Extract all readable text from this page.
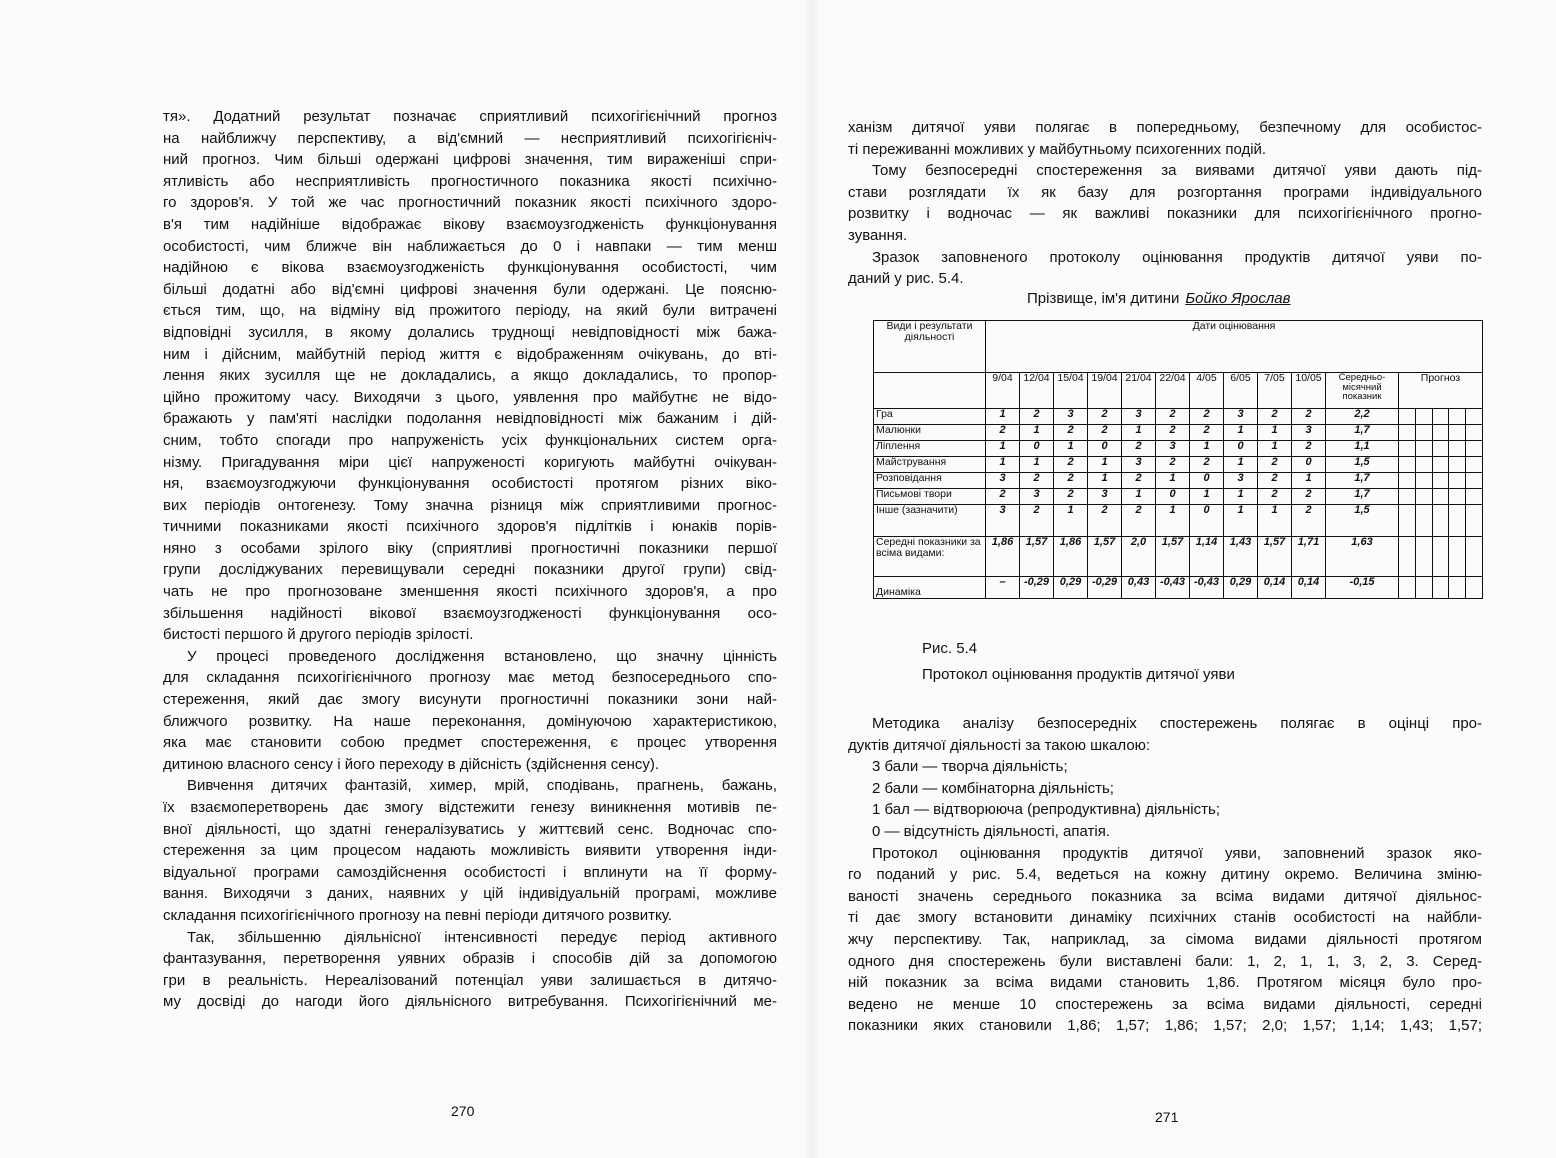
тя». Додатний результат позначає сприятливий психогігієнічний прогноз
на найближчу перспективу, а від'ємний — несприятливий психогігієніч-
ний прогноз. Чим більші одержані цифрові значення, тим вираженіші спри-
ятливість або несприятливість прогностичного показника якості психічно-
го здоров'я. У той же час прогностичний показник якості психічного здоро-
в'я тим надійніше відображає вікову взаємоузгодженість функціонування
особистості, чим ближче він наближається до 0 і навпаки — тим менш
надійною є вікова взаємоузгодженість функціонування особистості, чим
більші додатні або від'ємні цифрові значення були одержані. Це поясню-
ється тим, що, на відміну від прожитого періоду, на який були витрачені
відповідні зусилля, в якому долались труднощі невідповідності між бажа-
ним і дійсним, майбутній період життя є відображенням очікувань, до вті-
лення яких зусилля ще не докладались, а якщо докладались, то пропор-
ційно прожитому часу. Виходячи з цього, уявлення про майбутнє не відо-
бражають у пам'яті наслідки подолання невідповідності між бажаним і дій-
сним, тобто спогади про напруженість усіх функціональних систем орга-
нізму. Пригадування міри цієї напруженості коригують майбутні очікуван-
ня, взаємоузгоджуючи функціонування особистості протягом різних віко-
вих періодів онтогенезу. Тому значна різниця між сприятливими прогнос-
тичними показниками якості психічного здоров'я підлітків і юнаків порів-
няно з особами зрілого віку (сприятливі прогностичні показники першої
групи досліджуваних перевищували середні показники другої групи) свід-
чать не про прогнозоване зменшення якості психічного здоров'я, а про
збільшення надійності вікової взаємоузгодженості функціонування осо-
бистості першого й другого періодів зрілості.
У процесі проведеного дослідження встановлено, що значну цінність
для складання психогігієнічного прогнозу має метод безпосереднього спо-
стереження, який дає змогу висунути прогностичні показники зони най-
ближчого розвитку. На наше переконання, домінуючою характеристикою,
яка має становити собою предмет спостереження, є процес утворення
дитиною власного сенсу і його переходу в дійсність (здійснення сенсу).
Вивчення дитячих фантазій, химер, мрій, сподівань, прагнень, бажань,
їх взаємоперетворень дає змогу відстежити генезу виникнення мотивів пе-
вної діяльності, що здатні генералізуватись у життєвий сенс. Водночас спо-
стереження за цим процесом надають можливість виявити утворення інди-
відуальної програми самоздійснення особистості і вплинути на її форму-
вання. Виходячи з даних, наявних у цій індивідуальній програмі, можливе
складання психогігієнічного прогнозу на певні періоди дитячого розвитку.
Так, збільшенню діяльнісної інтенсивності передує період активного
фантазування, перетворення уявних образів і способів дій за допомогою
гри в реальність. Нереалізований потенціал уяви залишається в дитячо-
му досвіді до нагоди його діяльнісного витребування. Психогігієнічний ме-
ханізм дитячої уяви полягає в попередньому, безпечному для особистос-
ті переживанні можливих у майбутньому психогенних подій.
Тому безпосередні спостереження за виявами дитячої уяви дають під-
стави розглядати їх як базу для розгортання програми індивідуального
розвитку і водночас — як важливі показники для психогігієнічного прогно-
зування.
Зразок заповненого протоколу оцінювання продуктів дитячої уяви по-
даний у рис. 5.4.
Прізвище, ім'я дитини Бойко Ярослав
Види і результати діяльності	Дати оцінювання															
	9/04	12/04	15/04	19/04	21/04	22/04	4/05	6/05	7/05	10/05	Середньо-місячний показник	Прогноз				
Гра	1	2	3	2	3	2	2	3	2	2	2,2					
Малюнки	2	1	2	2	1	2	2	1	1	3	1,7					
Ліплення	1	0	1	0	2	3	1	0	1	2	1,1					
Майстрування	1	1	2	1	3	2	2	1	2	0	1,5					
Розповідання	3	2	2	1	2	1	0	3	2	1	1,7					
Письмові твори	2	3	2	3	1	0	1	1	2	2	1,7					
Інше (зазначити)	3	2	1	2	2	1	0	1	1	2	1,5					
Середні показники за всіма видами:	1,86	1,57	1,86	1,57	2,0	1,57	1,14	1,43	1,57	1,71	1,63					
Динаміка	–	-0,29	0,29	-0,29	0,43	-0,43	-0,43	0,29	0,14	0,14	-0,15					
Рис. 5.4
Протокол оцінювання продуктів дитячої уяви
Методика аналізу безпосередніх спостережень полягає в оцінці про-
дуктів дитячої діяльності за такою шкалою:
3 бали — творча діяльність;
2 бали — комбінаторна діяльність;
1 бал — відтворююча (репродуктивна) діяльність;
0 — відсутність діяльності, апатія.
Протокол оцінювання продуктів дитячої уяви, заповнений зразок яко-
го поданий у рис. 5.4, ведеться на кожну дитину окремо. Величина зміню-
ваності значень середнього показника за всіма видами дитячої діяльнос-
ті дає змогу встановити динаміку психічних станів особистості на найбли-
жчу перспективу. Так, наприклад, за сімома видами діяльності протягом
одного дня спостережень були виставлені бали: 1, 2, 1, 1, 3, 2, 3. Серед-
ній показник за всіма видами становить 1,86. Протягом місяця було про-
ведено не менше 10 спостережень за всіма видами діяльності, середні
показники яких становили 1,86; 1,57; 1,86; 1,57; 2,0; 1,57; 1,14; 1,43; 1,57;
270	271
